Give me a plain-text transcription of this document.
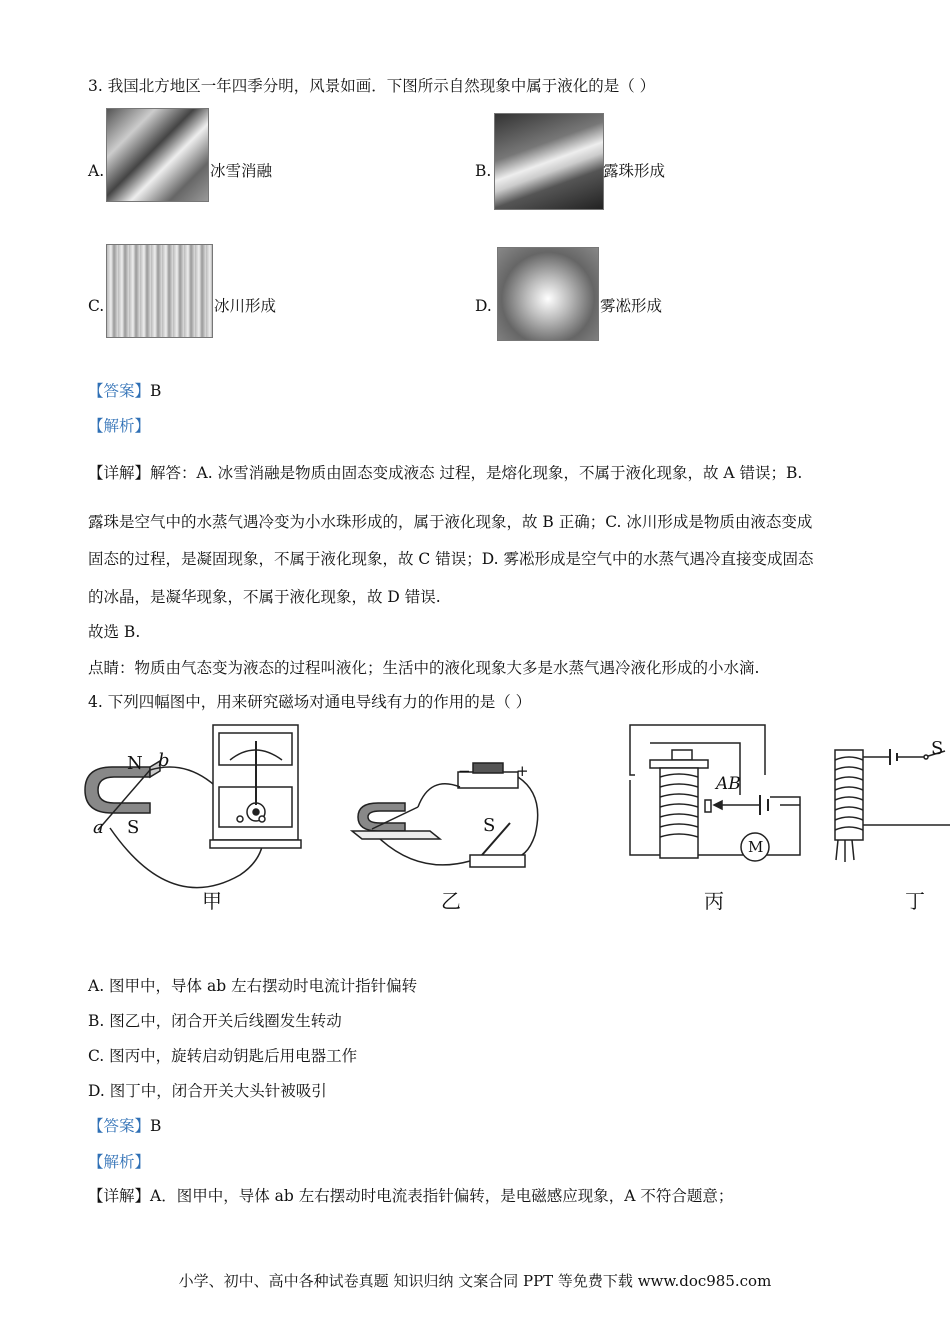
3. 我国北方地区一年四季分明，风景如画．下图所示自然现象中属于液化的是（ ）
A.	冰雪消融	B.	露珠形成
C.	冰川形成	D.	雾凇形成
【答案】B
【解析】
【详解】解答：A. 冰雪消融是物质由固态变成液态 过程，是熔化现象，不属于液化现象，故 A 错误；B.
露珠是空气中的水蒸气遇冷变为小水珠形成的，属于液化现象，故 B 正确；C. 冰川形成是物质由液态变成
固态的过程，是凝固现象，不属于液化现象，故 C 错误；D. 雾凇形成是空气中的水蒸气遇冷直接变成固态
的冰晶，是凝华现象，不属于液化现象，故 D 错误.
故选 B.
点睛：物质由气态变为液态的过程叫液化；生活中的液化现象大多是水蒸气遇冷液化形成的小水滴.
4. 下列四幅图中，用来研究磁场对通电导线有力的作用的是（ ）
N b
a S
−	+
S
AB
M
S
甲	乙	丙	丁
A. 图甲中，导体 ab 左右摆动时电流计指针偏转
B. 图乙中，闭合开关后线圈发生转动
C. 图丙中，旋转启动钥匙后用电器工作
D. 图丁中，闭合开关大头针被吸引
【答案】B
【解析】
【详解】A．图甲中，导体 ab 左右摆动时电流表指针偏转，是电磁感应现象，A 不符合题意；
小学、初中、高中各种试卷真题 知识归纳 文案合同 PPT 等免费下载 www.doc985.com
